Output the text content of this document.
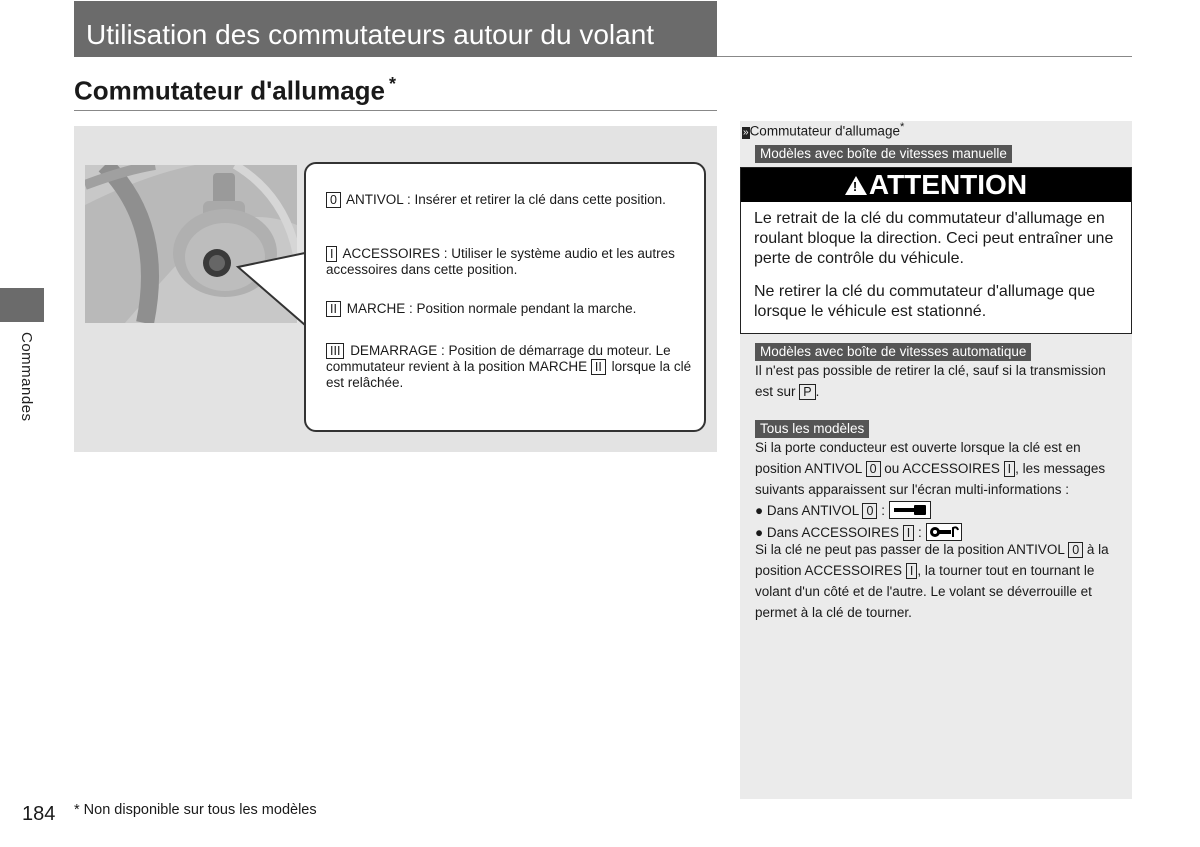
Utilisation des commutateurs autour du volant
Commutateur d'allumage *
Commandes

0 ANTIVOL : Insérer et retirer la clé dans cette position.

I ACCESSOIRES : Utiliser le système audio et les autres accessoires dans cette position.

II MARCHE : Position normale pendant la marche.

III DEMARRAGE : Position de démarrage du moteur. Le commutateur revient à la position MARCHE II lorsque la clé est relâchée.

»Commutateur d'allumage*
Modèles avec boîte de vitesses manuelle
!ATTENTION

Le retrait de la clé du commutateur d'allumage en roulant bloque la direction. Ceci peut entraîner une perte de contrôle du véhicule.

Ne retirer la clé du commutateur d'allumage que lorsque le véhicule est stationné.

Modèles avec boîte de vitesses automatique

Il n'est pas possible de retirer la clé, sauf si la transmission est sur P .

Tous les modèles

Si la porte conducteur est ouverte lorsque la clé est en position ANTIVOL 0 ou ACCESSOIRES I , les messages suivants apparaissent sur l'écran multi-informations :

● Dans ANTIVOL 0 :
● Dans ACCESSOIRES I :

Si la clé ne peut pas passer de la position ANTIVOL 0 à la position ACCESSOIRES I , la tourner tout en tournant le volant d'un côté et de l'autre. Le volant se déverrouille et permet à la clé de tourner.

184 * Non disponible sur tous les modèles
